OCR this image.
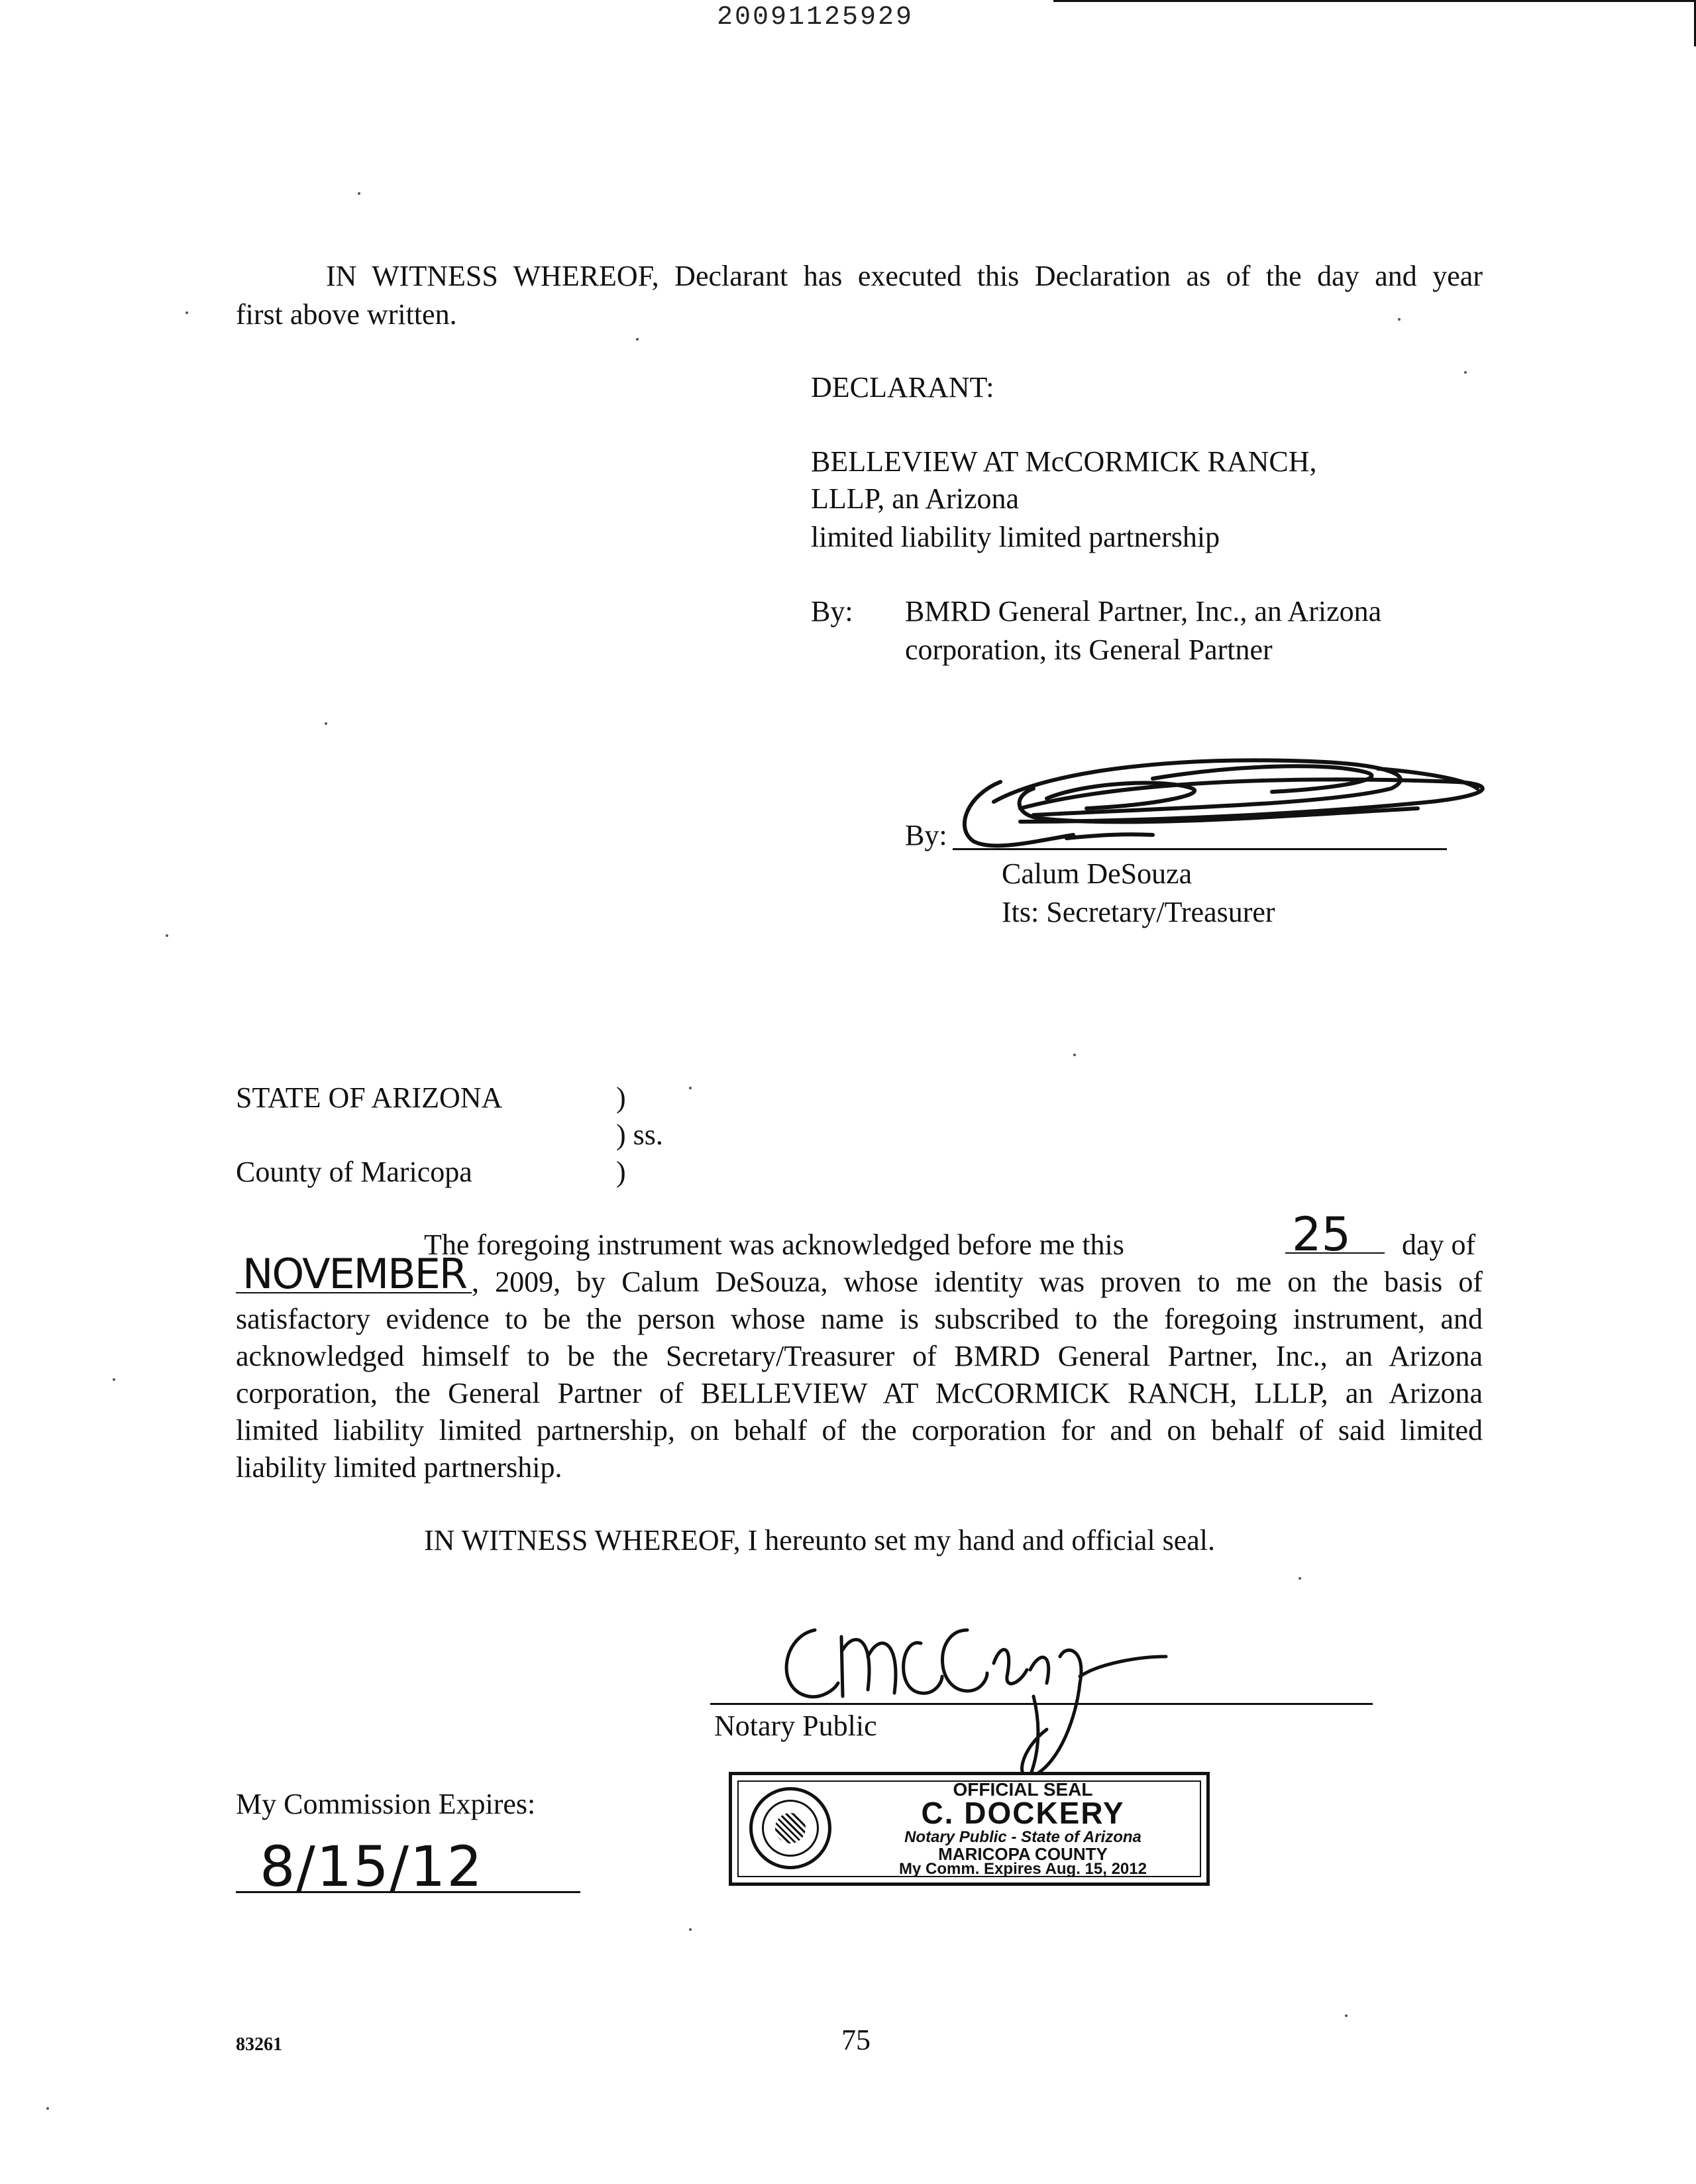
20091125929
IN WITNESS WHEREOF, Declarant has executed this Declaration as of the day and year
first above written.
DECLARANT:
BELLEVIEW AT McCORMICK RANCH,
LLLP, an Arizona
limited liability limited partnership
By: BMRD General Partner, Inc., an Arizona
corporation, its General Partner
By:
Calum DeSouza
Its: Secretary/Treasurer
STATE OF ARIZONA	)
) ss.
County of Maricopa	)
The foregoing instrument was acknowledged before me this	25 day of
NOVEMBER , 2009, by Calum DeSouza, whose identity was proven to me on the basis of
satisfactory evidence to be the person whose name is subscribed to the foregoing instrument, and
acknowledged himself to be the Secretary/Treasurer of BMRD General Partner, Inc., an Arizona
corporation, the General Partner of BELLEVIEW AT McCORMICK RANCH, LLLP, an Arizona
limited liability limited partnership, on behalf of the corporation for and on behalf of said limited
liability limited partnership.
IN WITNESS WHEREOF, I hereunto set my hand and official seal.
Notary Public
My Commission Expires:
8/15/12
OFFICIAL SEAL
C. DOCKERY
Notary Public - State of Arizona
MARICOPA COUNTY
My Comm. Expires Aug. 15, 2012
83261	75
